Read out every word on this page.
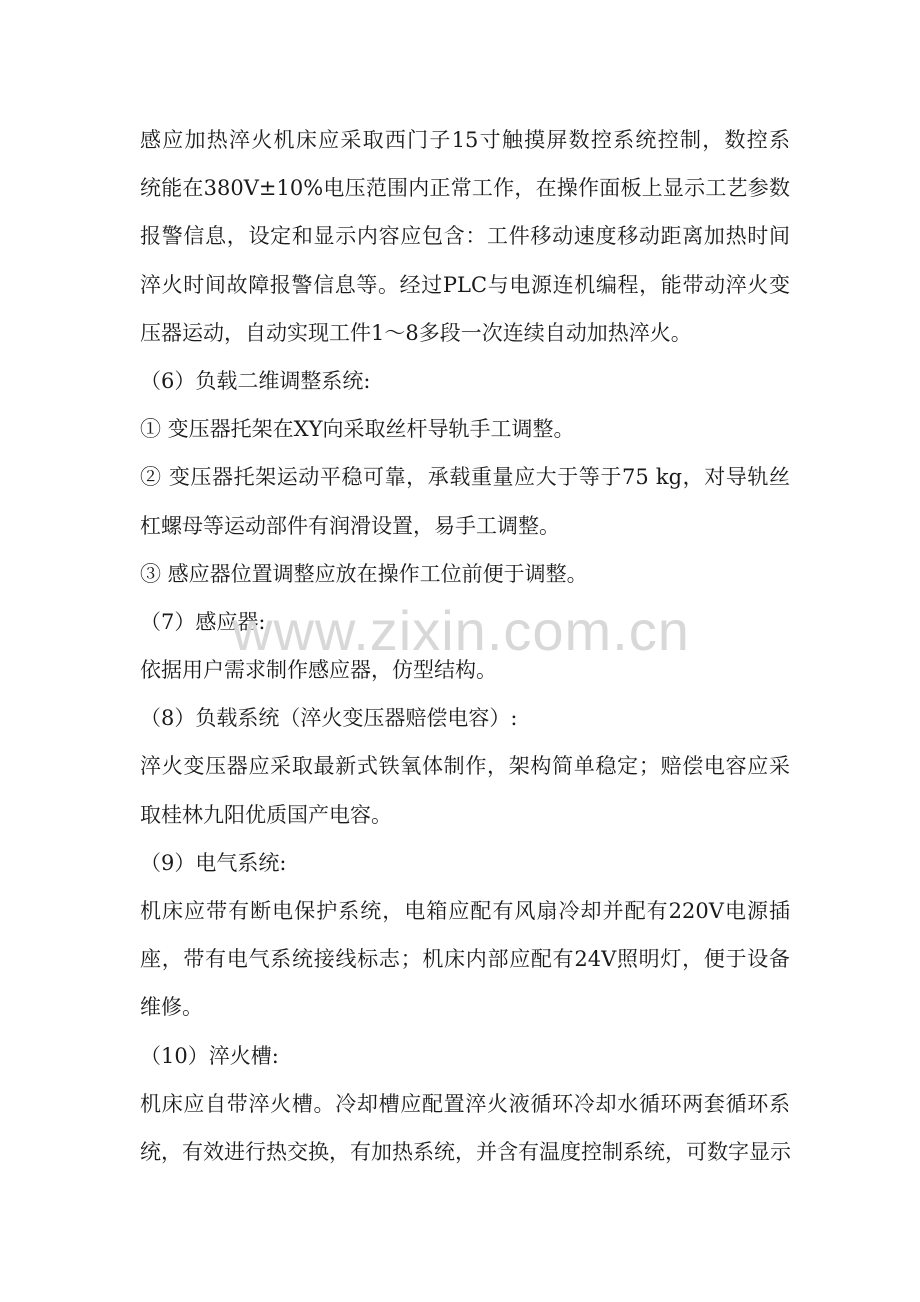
感应加热淬火机床应采取西门子15寸触摸屏数控系统控制，数控系
统能在380V±10%电压范围内正常工作，在操作面板上显示工艺参数
报警信息，设定和显示内容应包含：工件移动速度移动距离加热时间
淬火时间故障报警信息等。经过PLC与电源连机编程，能带动淬火变
压器运动，自动实现工件1～8多段一次连续自动加热淬火。
（6）负载二维调整系统:
① 变压器托架在XY向采取丝杆导轨手工调整。
② 变压器托架运动平稳可靠，承载重量应大于等于75 kg，对导轨丝
杠螺母等运动部件有润滑设置，易手工调整。
③ 感应器位置调整应放在操作工位前便于调整。
（7）感应器:
依据用户需求制作感应器，仿型结构。
（8）负载系统（淬火变压器赔偿电容）:
淬火变压器应采取最新式铁氧体制作，架构简单稳定；赔偿电容应采
取桂林九阳优质国产电容。
（9）电气系统:
机床应带有断电保护系统，电箱应配有风扇冷却并配有220V电源插
座，带有电气系统接线标志；机床内部应配有24V照明灯，便于设备
维修。
（10）淬火槽:
机床应自带淬火槽。冷却槽应配置淬火液循环冷却水循环两套循环系
统，有效进行热交换，有加热系统，并含有温度控制系统，可数字显示
www.zixin.com.cn
